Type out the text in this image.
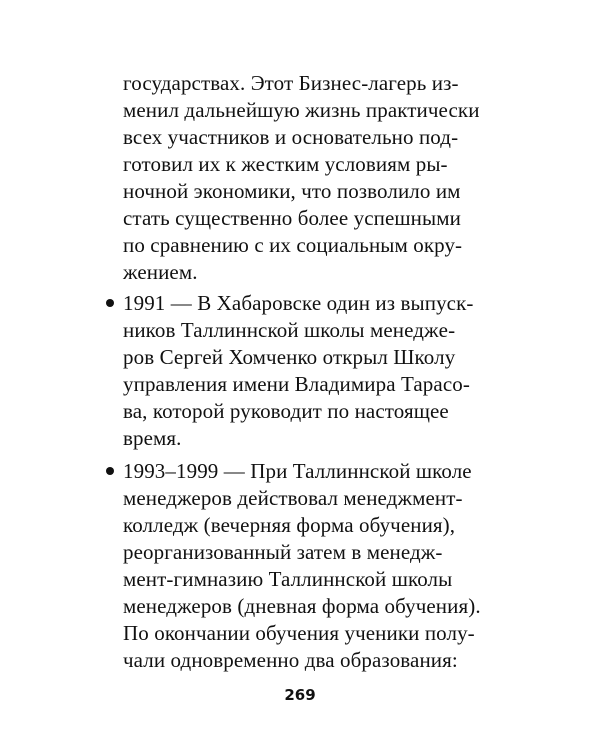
государствах. Этот Бизнес-лагерь из-
менил дальнейшую жизнь практически
всех участников и основательно под-
готовил их к жестким условиям ры-
ночной экономики, что позволило им
стать существенно более успешными
по сравнению с их социальным окру-
жением.
1991 — В Хабаровске один из выпуск-
ников Таллиннской школы менеджe-
ров Сергей Хомченко открыл Школу
управления имени Владимира Тарасо-
ва, которой руководит по настоящее
время.
1993–1999 — При Таллиннской школе
менеджеров действовал менеджмент-
колледж (вечерняя форма обучения),
реорганизованный затем в менедж-
мент-гимназию Таллиннской школы
менеджеров (дневная форма обучения).
По окончании обучения ученики полу-
чали одновременно два образования:
269
